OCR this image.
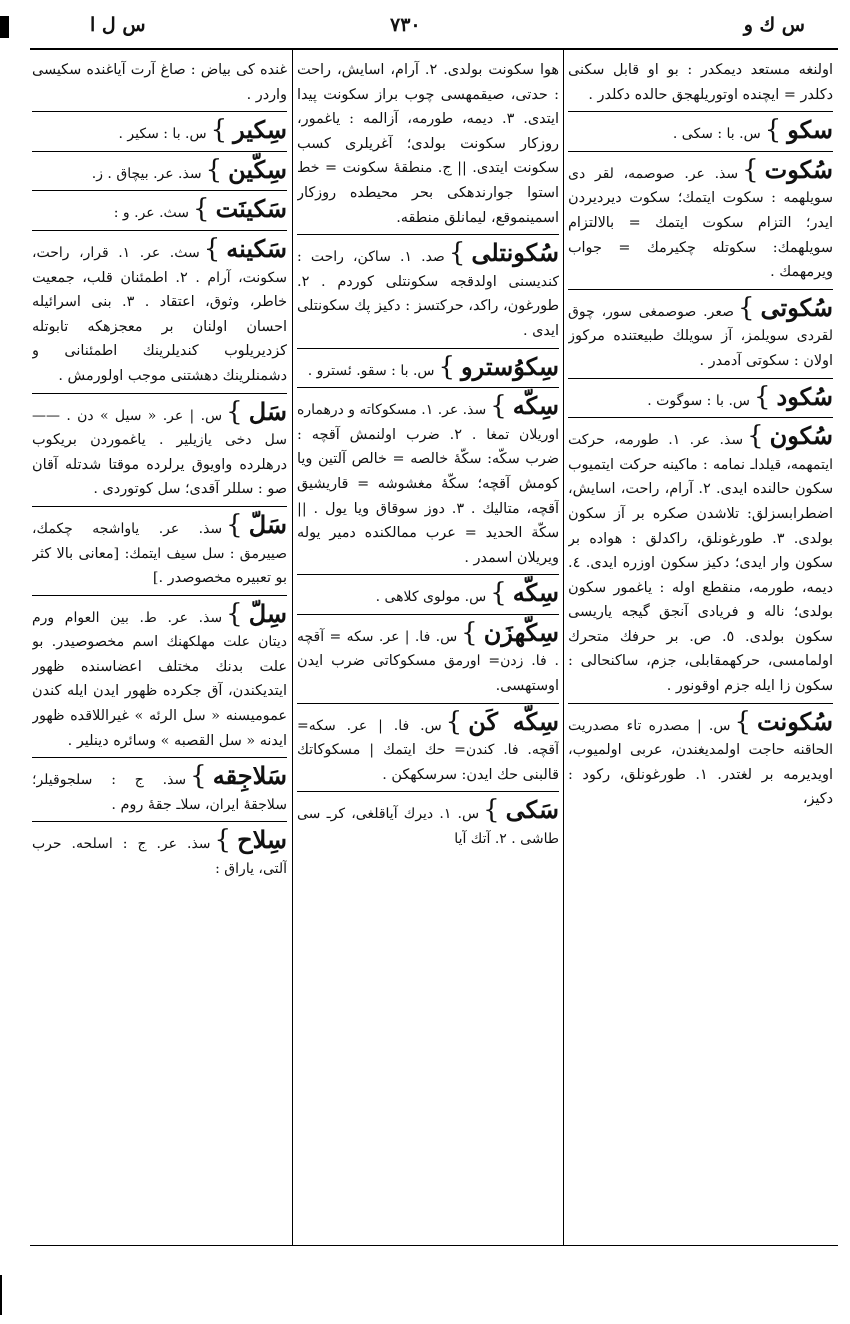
س ك و
٧٣٠
س ل ا

اولنغه مستعد دیمکدر : بو او قابل سکنی دکلدر = ایچنده اوتوریلهجق حالده دکلدر .

سکو}س. با : سکی .

سُکوت}سذ. عر. صوصمه، لقر دی سویلهمه : سکوت ایتمك؛ سکوت دیردیردن ایدر؛ التزام سکوت ایتمك = بالالتزام سویلهمك: سکوتله چکیرمك = جواب ویرمهمك .

سُکوتی}صعر. صوصمغی سور، چوق لقردی سویلمز، آز سویلك طبیعتنده مرکوز اولان : سکوتی آدمدر .

سُکود}س. با : سوگوت .

سُکون}سذ. عر. ١. طورمه، حرکت ایتمهمه، قیلداـ نمامه : ماکینه حرکت ایتمیوب سکون حالنده ایدی. ٢. آرام، راحت، اسایش، اضطرابسزلق: تلاشدن صکره بر آز سکون بولدی. ٣. طورغونلق، راکدلق : هواده بر سکون وار ایدی؛ دکیز سکون اوزره ایدی. ٤. دیمه، طورمه، منقطع اوله : یاغمور سکون بولدی؛ ناله و فریادی آنجق گیجه یاریسی سکون بولدی. ٥. ص. بر حرفك متحرك اولمامسی، حرکهمقابلی، جزم، ساکنحالی : سکون زا ایله جزم اوقونور .

سُکونت}س. | مصدره تاء مصدریت الحاقنه حاجت اولمدیغندن، عربی اولمیوب، اویدیرمه بر لغتدر. ١. طورغونلق، رکود : دکیز،

هوا سکونت بولدی. ٢. آرام، اسایش، راحت : حدتی، صیقمهسی چوب براز سکونت پیدا ایتدی. ٣. دیمه، طورمه، آزالمه : یاغمور، روزکار سکونت بولدی؛ آغریلری کسب سکونت ایتدی. || ج. منطقهٔ سکونت = خط استوا جوارندهکی بحر محیطده روزکار اسمینموقع، لیمانلق منطقه.

سُکونتلی}صد. ١. ساکن، راحت : کندیسنی اولدقجه سکونتلی کوردم . ٢. طورغون، راکد، حرکتسز : دکیز پك سکونتلی ایدی .

سِکوُسترو}س. با : سقو. ئسترو .

سِکّه}سذ. عر. ١. مسکوکاته و درهماره اوریلان تمغا . ٢. ضرب اولنمش آقچه : ضرب سکّه: سکّهٔ خالصه = خالص آلتین ویا کومش آقچه؛ سکّهٔ مغشوشه = قاریشیق آقچه، متالیك . ٣. دوز سوقاق ویا یول . || سکّة الحدید = عرب ممالکنده دمیر یوله ویریلان اسمدر .

سِکّه}س. مولوی کلاهی .

سِکّهزَن}س. فا. | عر. سکه = آقچه . فا. زدن= اورمق مسکوکاتی ضرب ایدن اوستهسی.

سِکّه کَن}س. فا. | عر. سکه= آقچه. فا. کندن= حك ایتمك | مسکوکاتك قالبنی حك ایدن: سرسکهکن .

سَکی}س. ١. دیرك آیاقلغی، کرـ سی طاشی . ٢. آتك آیا

غنده کی بیاض : صاغ آرت آیاغنده سکیسی واردر .

سِکیر}س. با : سکیر .

سِکّین}سذ. عر. بیچاق . ز.

سَکینَت}سث. عر. و :

سَکینه}سث. عر. ١. قرار، راحت، سکونت، آرام . ٢. اطمئنان قلب، جمعیت خاطر، وثوق، اعتقاد . ٣. بنی اسرائیله احسان اولنان بر معجزهکه تابوتله کزدیریلوب کندیلرینك اطمئنانی و دشمنلرینك دهشتنی موجب اولورمش .

سَل}س. | عر. « سیل » دن . —— سل دخی یازیلیر . یاغموردن بریکوب درهلرده واویوق یرلرده موقتا شدتله آقان صو : سللر آقدی؛ سل کوتوردی .

سَلّ}سذ. عر. یاواشجه چکمك، صییرمق : سل سیف ایتمك: [معانی بالا کثر بو تعبیره مخصوصدر .]

سِلّ}سذ. عر. ط. بین العوام ورم دیتان علت مهلکهنك اسم مخصوصیدر. بو علت بدنك مختلف اعضاسنده ظهور ایتدیکندن، آق جکرده ظهور ایدن ایله کندن عمومیسنه « سل الرئه » غیراللاقده ظهور ایدنه « سل القصبه » وسائره دینلیر .

سَلاجِقه}سذ. ج : سلجوقیلر؛ سلاجقهٔ ایران، سلاـ جقهٔ روم .

سِلاح}سذ. عر. ج : اسلحه. حرب آلتی، یاراق :
